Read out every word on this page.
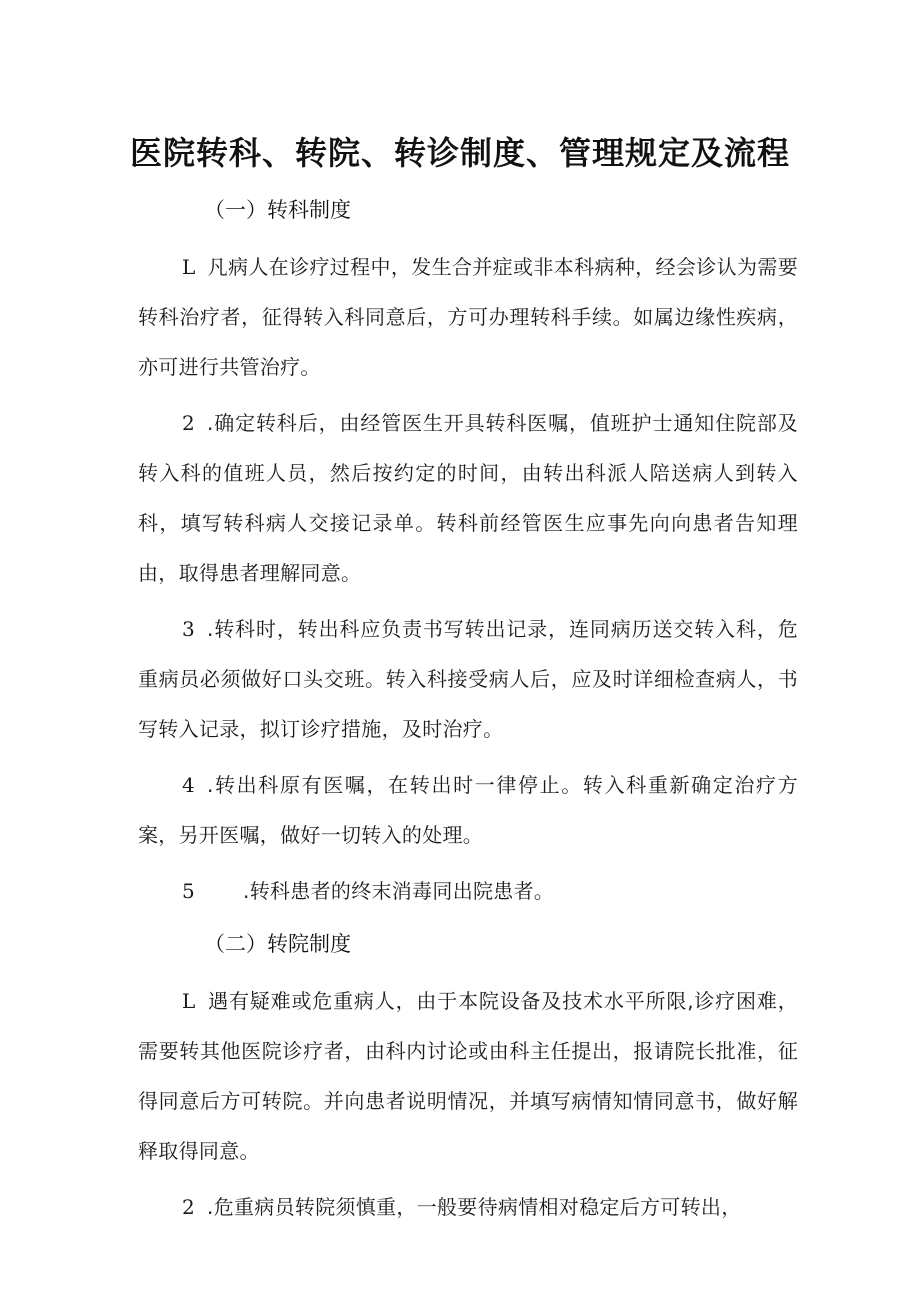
医院转科、转院、转诊制度、管理规定及流程
（一）转科制度

L 凡病人在诊疗过程中，发生合并症或非本科病种，经会诊认为需要转科治疗者，征得转入科同意后，方可办理转科手续。如属边缘性疾病，亦可进行共管治疗。

2 .确定转科后，由经管医生开具转科医嘱，值班护士通知住院部及转入科的值班人员，然后按约定的时间，由转出科派人陪送病人到转入科，填写转科病人交接记录单。转科前经管医生应事先向向患者告知理由，取得患者理解同意。

3 .转科时，转出科应负责书写转出记录，连同病历送交转入科，危重病员必须做好口头交班。转入科接受病人后，应及时详细检查病人，书写转入记录，拟订诊疗措施，及时治疗。

4 .转出科原有医嘱，在转出时一律停止。转入科重新确定治疗方案，另开医嘱，做好一切转入的处理。

5 .转科患者的终末消毒同出院患者。

（二）转院制度

L 遇有疑难或危重病人，由于本院设备及技术水平所限,诊疗困难，需要转其他医院诊疗者，由科内讨论或由科主任提出，报请院长批准，征得同意后方可转院。并向患者说明情况，并填写病情知情同意书，做好解释取得同意。

2 .危重病员转院须慎重，一般要待病情相对稳定后方可转出，
